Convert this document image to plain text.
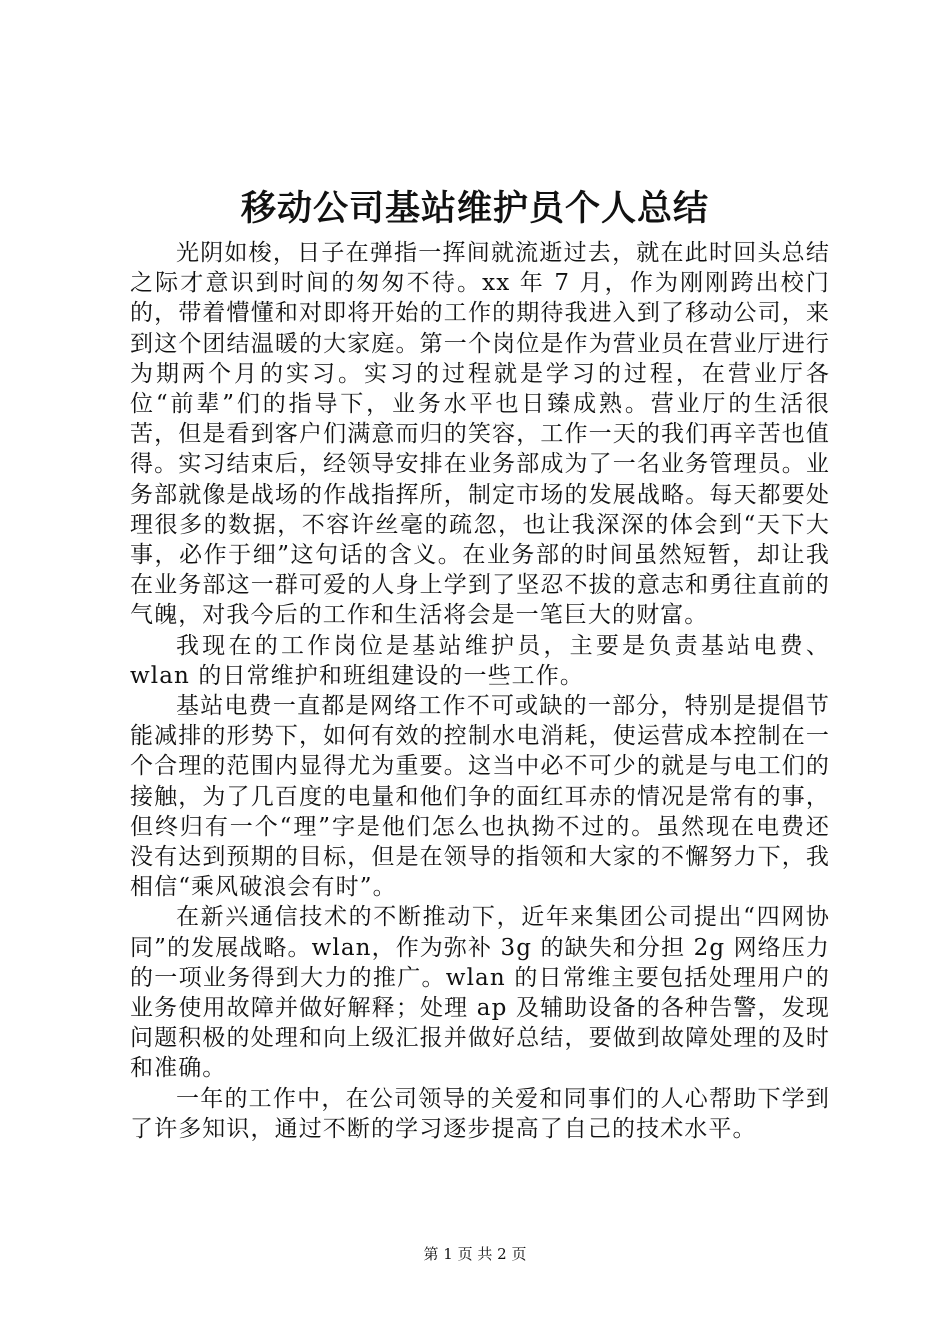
移动公司基站维护员个人总结

光阴如梭，日子在弹指一挥间就流逝过去，就在此时回头总结之际才意识到时间的匆匆不待。xx 年 7 月，作为刚刚跨出校门的，带着懵懂和对即将开始的工作的期待我进入到了移动公司，来到这个团结温暖的大家庭。第一个岗位是作为营业员在营业厅进行为期两个月的实习。实习的过程就是学习的过程，在营业厅各位“前辈”们的指导下，业务水平也日臻成熟。营业厅的生活很苦，但是看到客户们满意而归的笑容，工作一天的我们再辛苦也值得。实习结束后，经领导安排在业务部成为了一名业务管理员。业务部就像是战场的作战指挥所，制定市场的发展战略。每天都要处理很多的数据，不容许丝毫的疏忽，也让我深深的体会到“天下大事，必作于细”这句话的含义。在业务部的时间虽然短暂，却让我在业务部这一群可爱的人身上学到了坚忍不拔的意志和勇往直前的气魄，对我今后的工作和生活将会是一笔巨大的财富。

我现在的工作岗位是基站维护员，主要是负责基站电费、wlan 的日常维护和班组建设的一些工作。

基站电费一直都是网络工作不可或缺的一部分，特别是提倡节能减排的形势下，如何有效的控制水电消耗，使运营成本控制在一个合理的范围内显得尤为重要。这当中必不可少的就是与电工们的接触，为了几百度的电量和他们争的面红耳赤的情况是常有的事，但终归有一个“理”字是他们怎么也执拗不过的。虽然现在电费还没有达到预期的目标，但是在领导的指领和大家的不懈努力下，我相信“乘风破浪会有时”。

在新兴通信技术的不断推动下，近年来集团公司提出“四网协同”的发展战略。wlan，作为弥补 3g 的缺失和分担 2g 网络压力的一项业务得到大力的推广。wlan 的日常维主要包括处理用户的业务使用故障并做好解释；处理 ap 及辅助设备的各种告警，发现问题积极的处理和向上级汇报并做好总结，要做到故障处理的及时和准确。

一年的工作中，在公司领导的关爱和同事们的人心帮助下学到了许多知识，通过不断的学习逐步提高了自己的技术水平。

第 1 页 共 2 页
